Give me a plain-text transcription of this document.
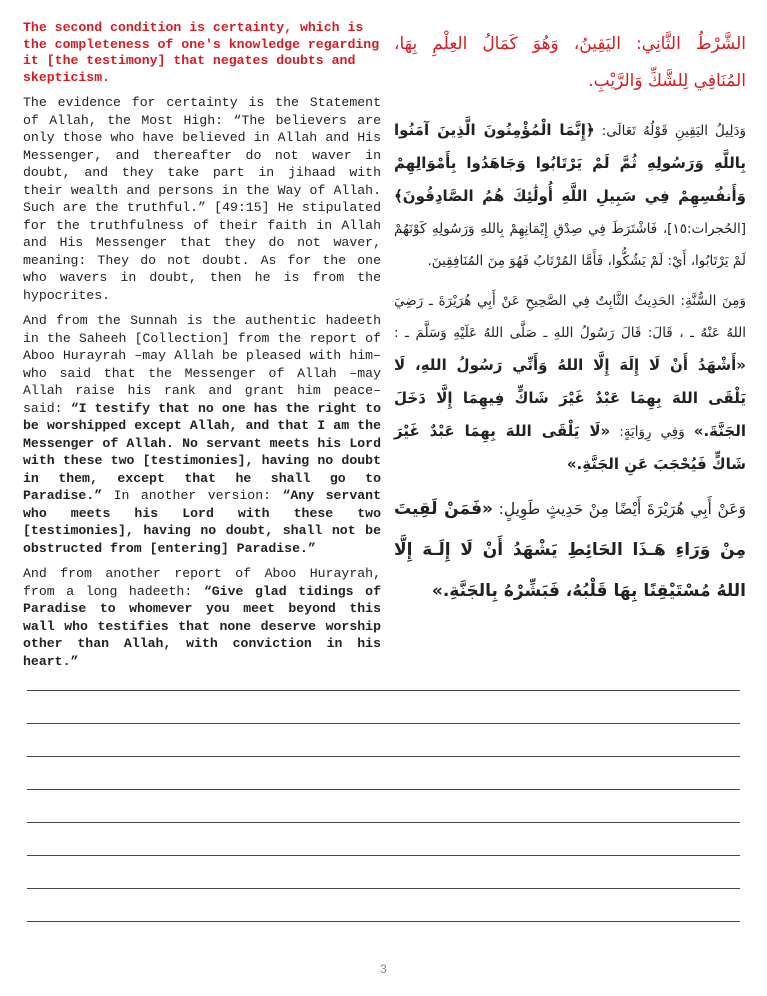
The second condition is certainty, which is the completeness of one's knowledge regarding it [the testimony] that negates doubts and skepticism.

The evidence for certainty is the Statement of Allah, the Most High: “The believers are only those who have believed in Allah and His Messenger, and thereafter do not waver in doubt, and they take part in jihaad with their wealth and persons in the Way of Allah. Such are the truthful.” [49:15] He stipulated for the truthfulness of their faith in Allah and His Messenger that they do not waver, meaning: They do not doubt. As for the one who wavers in doubt, then he is from the hypocrites.

And from the Sunnah is the authentic hadeeth in the Saheeh [Collection] from the report of Aboo Hurayrah –may Allah be pleased with him– who said that the Messenger of Allah –may Allah raise his rank and grant him peace– said: “I testify that no one has the right to be worshipped except Allah, and that I am the Messenger of Allah. No servant meets his Lord with these two [testimonies], having no doubt in them, except that he shall go to Paradise.” In another version: “Any servant who meets his Lord with these two [testimonies], having no doubt, shall not be obstructed from [entering] Paradise.”

And from another report of Aboo Hurayrah, from a long hadeeth: “Give glad tidings of Paradise to whomever you meet beyond this wall who testifies that none deserve worship other than Allah, with conviction in his heart.”

الشَّرْطُ الثَّانِي: اليَقِينُ، وَهُوَ كَمَالُ العِلْمِ بِهَا، المُنَافِي لِلشَّكِّ وَالرَّيْبِ.

وَدَلِيلُ اليَقِينِ قَوْلُهُ تَعَالَى: ﴿إِنَّمَا الْمُؤْمِنُونَ الَّذِينَ آمَنُوا بِاللَّهِ وَرَسُولِهِ ثُمَّ لَمْ يَرْتَابُوا وَجَاهَدُوا بِأَمْوَالِهِمْ وَأَنفُسِهِمْ فِي سَبِيلِ اللَّهِ أُولَٰئِكَ هُمُ الصَّادِقُونَ﴾ [الحُجرات:١٥]، فَاشْتَرَطَ فِي صِدْقِ إِيْمَانِهِمْ بِاللهِ وَرَسُولِهِ كَوْنَهُمْ لَمْ يَرْتَابُوا، أَيْ: لَمْ يَشُكُّوا، فَأَمَّا المُرْتَابُ فَهُوَ مِنَ المُنَافِقِينَ.

وَمِنَ السُّنَّةِ: الحَدِيثُ الثَّابِتُ فِي الصَّحِيحِ عَنْ أَبِي هُرَيْرَةَ ـ رَضِيَ اللهُ عَنْهُ ـ ، قَالَ: قَالَ رَسُولُ اللهِ ـ صَلَّى اللهُ عَلَيْهِ وَسَلَّمَ ـ : «أَشْهَدُ أَنْ لَا إِلَهَ إِلَّا اللهُ وَأَنِّي رَسُولُ اللهِ، لَا يَلْقَى اللهَ بِهِمَا عَبْدٌ غَيْرَ شَاكٍّ فِيهِمَا إِلَّا دَخَلَ الجَنَّةَ.» وَفِي رِوَايَةٍ: «لَا يَلْقَى اللهَ بِهِمَا عَبْدٌ غَيْرَ شَاكٍّ فَيُحْجَبَ عَنِ الجَنَّةِ.»

وَعَنْ أَبِي هُرَيْرَةَ أَيْضًا مِنْ حَدِيثٍ طَوِيلٍ: «فَمَنْ لَقِيتَ مِنْ وَرَاءِ هَـذَا الحَائِطِ يَشْهَدُ أَنْ لَا إِلَـهَ إِلَّا اللهُ مُسْتَيْقِنًا بِهَا قَلْبُهُ، فَبَشِّرْهُ بِالجَنَّةِ.»

3
